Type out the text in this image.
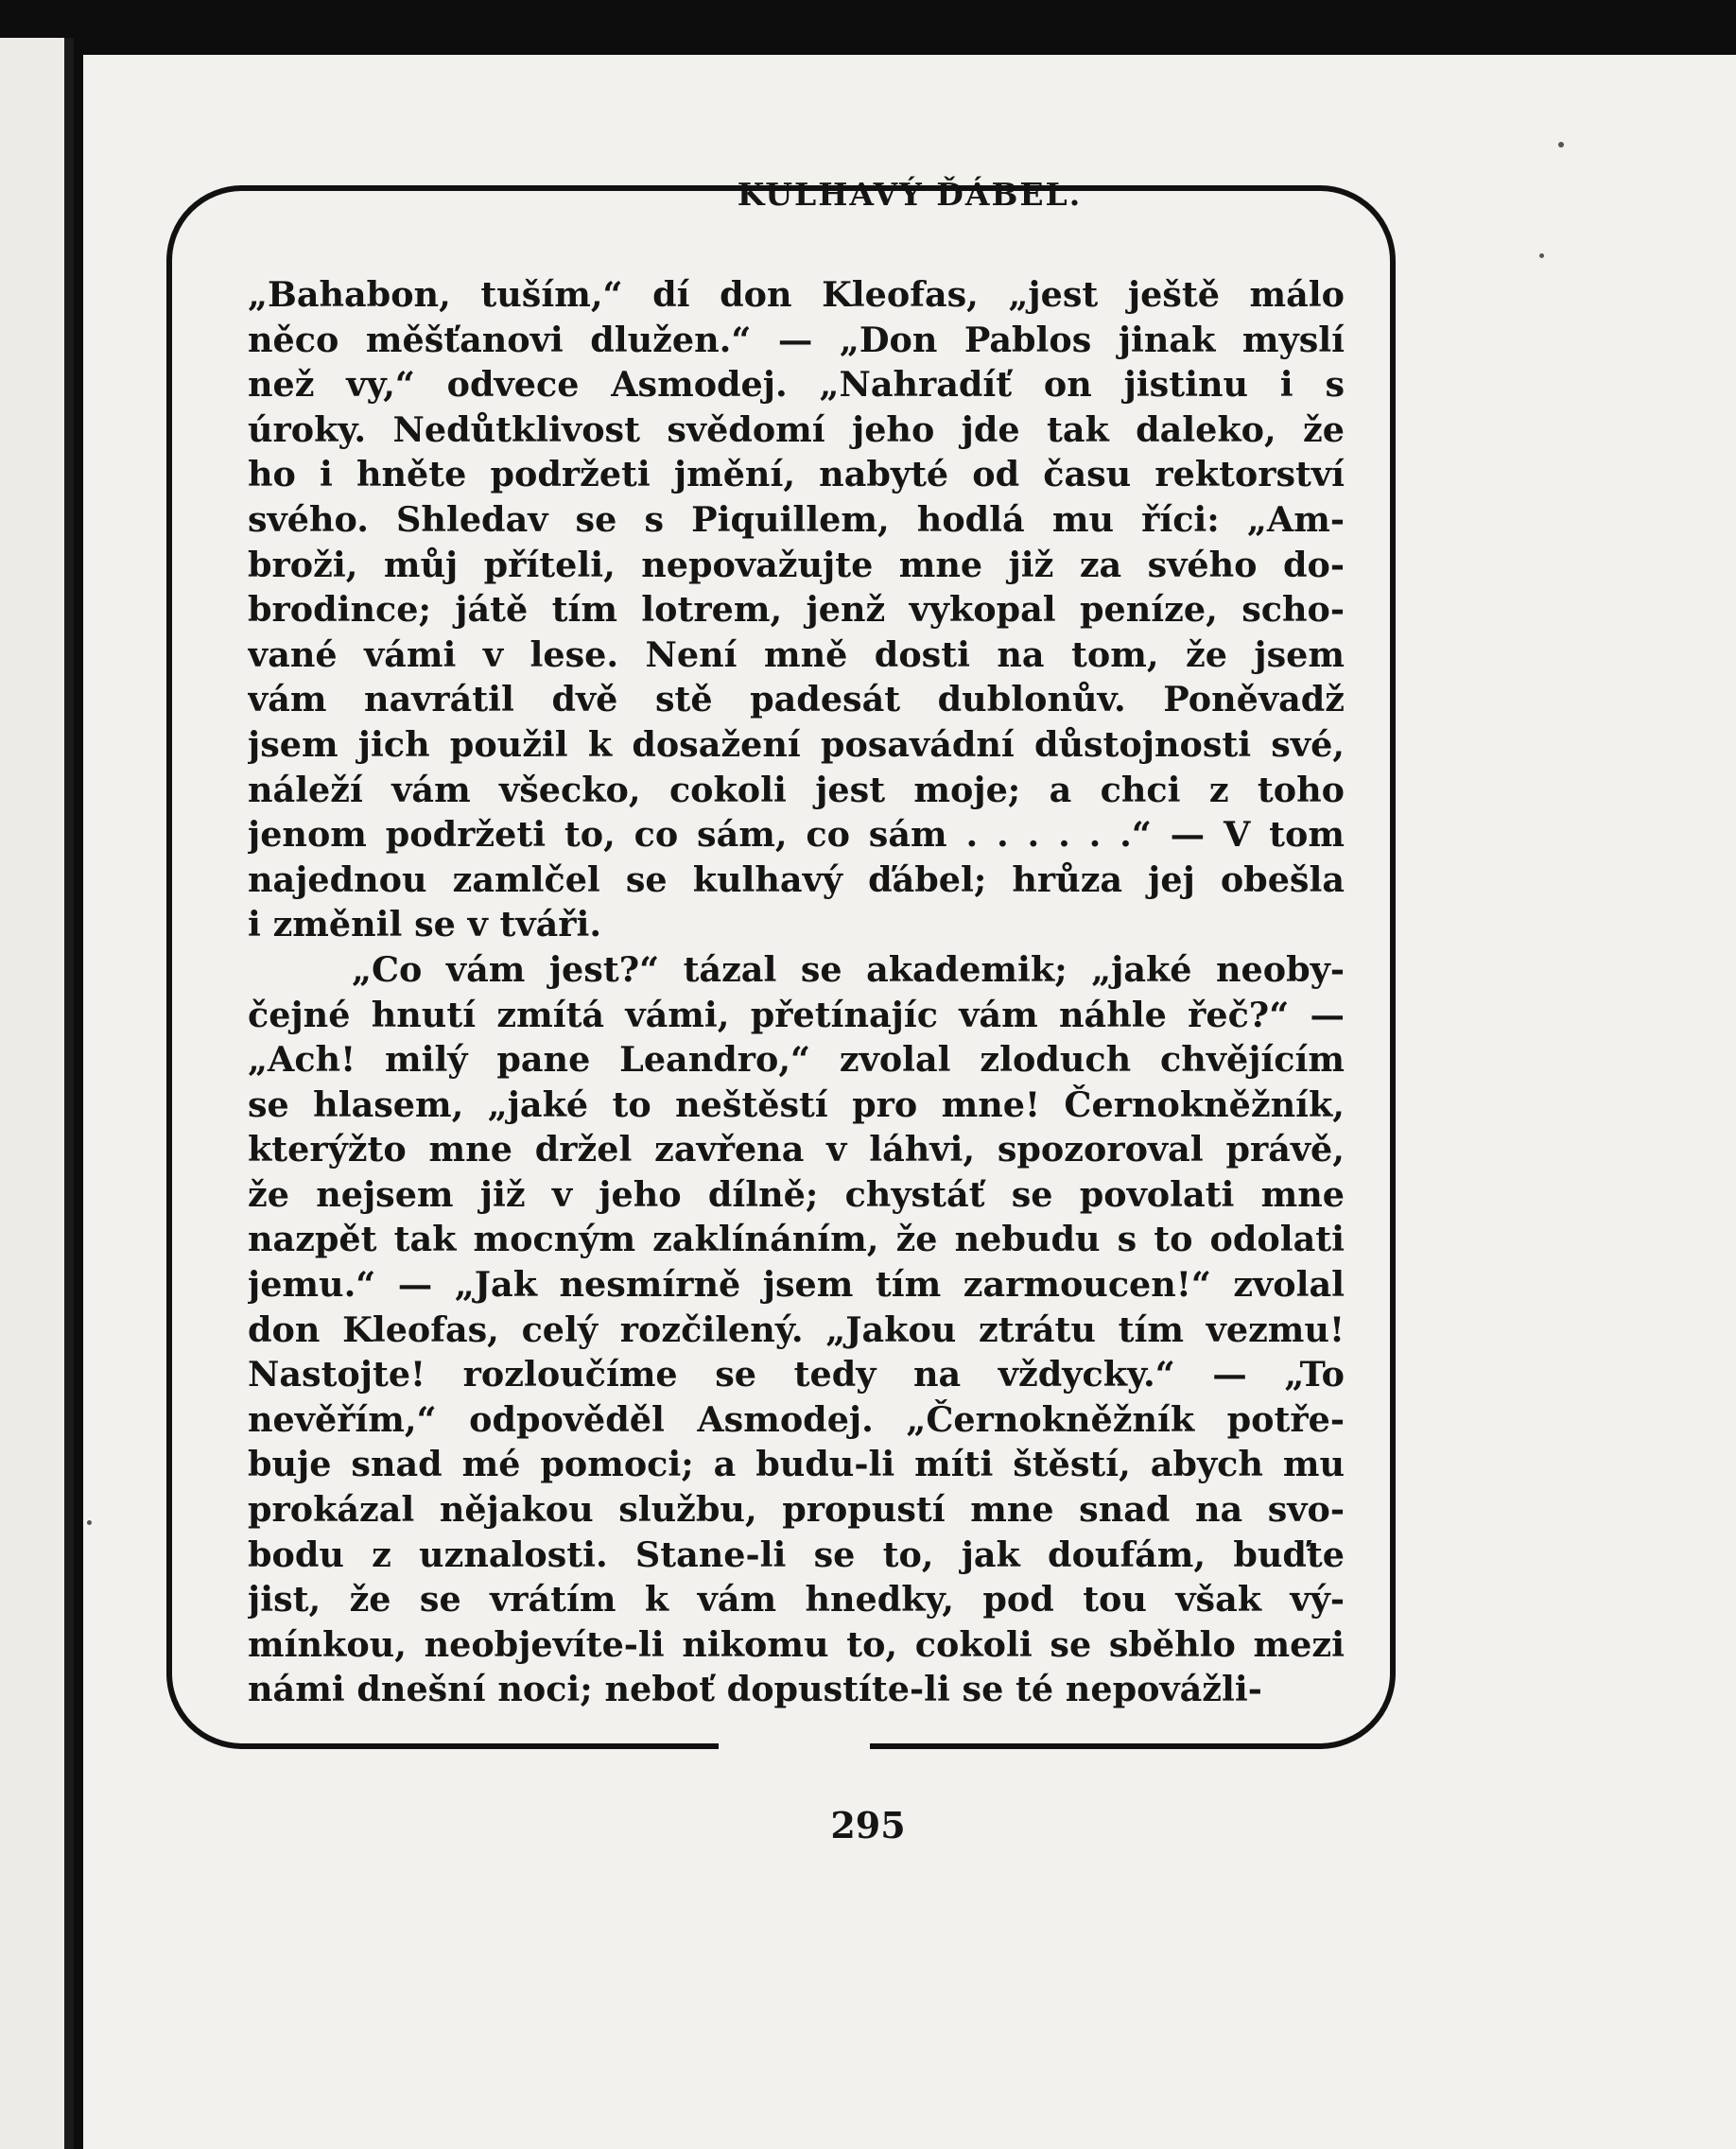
KULHAVÝ ĎÁBEL.
„Bahabon, tuším,“ dí don Kleofas, „jest ještě málo
něco měšťanovi dlužen.“ — „Don Pablos jinak myslí
než vy,“ odvece Asmodej. „Nahradíť on jistinu i s
úroky. Nedůtklivost svědomí jeho jde tak daleko, že
ho i hněte podržeti jmění, nabyté od času rektorství
svého. Shledav se s Piquillem, hodlá mu říci: „Am-
broži, můj příteli, nepovažujte mne již za svého do-
brodince; játě tím lotrem, jenž vykopal peníze, scho-
vané vámi v lese. Není mně dosti na tom, že jsem
vám navrátil dvě stě padesát dublonův. Poněvadž
jsem jich použil k dosažení posavádní důstojnosti své,
náleží vám všecko, cokoli jest moje; a chci z toho
jenom podržeti to, co sám, co sám . . . . . .“ — V tom
najednou zamlčel se kulhavý ďábel; hrůza jej obešla
i změnil se v tváři.
„Co vám jest?“ tázal se akademik; „jaké neoby-
čejné hnutí zmítá vámi, přetínajíc vám náhle řeč?“ —
„Ach! milý pane Leandro,“ zvolal zloduch chvějícím
se hlasem, „jaké to neštěstí pro mne! Černokněžník,
kterýžto mne držel zavřena v láhvi, spozoroval právě,
že nejsem již v jeho dílně; chystáť se povolati mne
nazpět tak mocným zaklínáním, že nebudu s to odolati
jemu.“ — „Jak nesmírně jsem tím zarmoucen!“ zvolal
don Kleofas, celý rozčilený. „Jakou ztrátu tím vezmu!
Nastojte! rozloučíme se tedy na vždycky.“ — „To
nevěřím,“ odpověděl Asmodej. „Černokněžník potře-
buje snad mé pomoci; a budu-li míti štěstí, abych mu
prokázal nějakou službu, propustí mne snad na svo-
bodu z uznalosti. Stane-li se to, jak doufám, buďte
jist, že se vrátím k vám hnedky, pod tou však vý-
mínkou, neobjevíte-li nikomu to, cokoli se sběhlo mezi
námi dnešní noci; neboť dopustíte-li se té nepovážli-
295
